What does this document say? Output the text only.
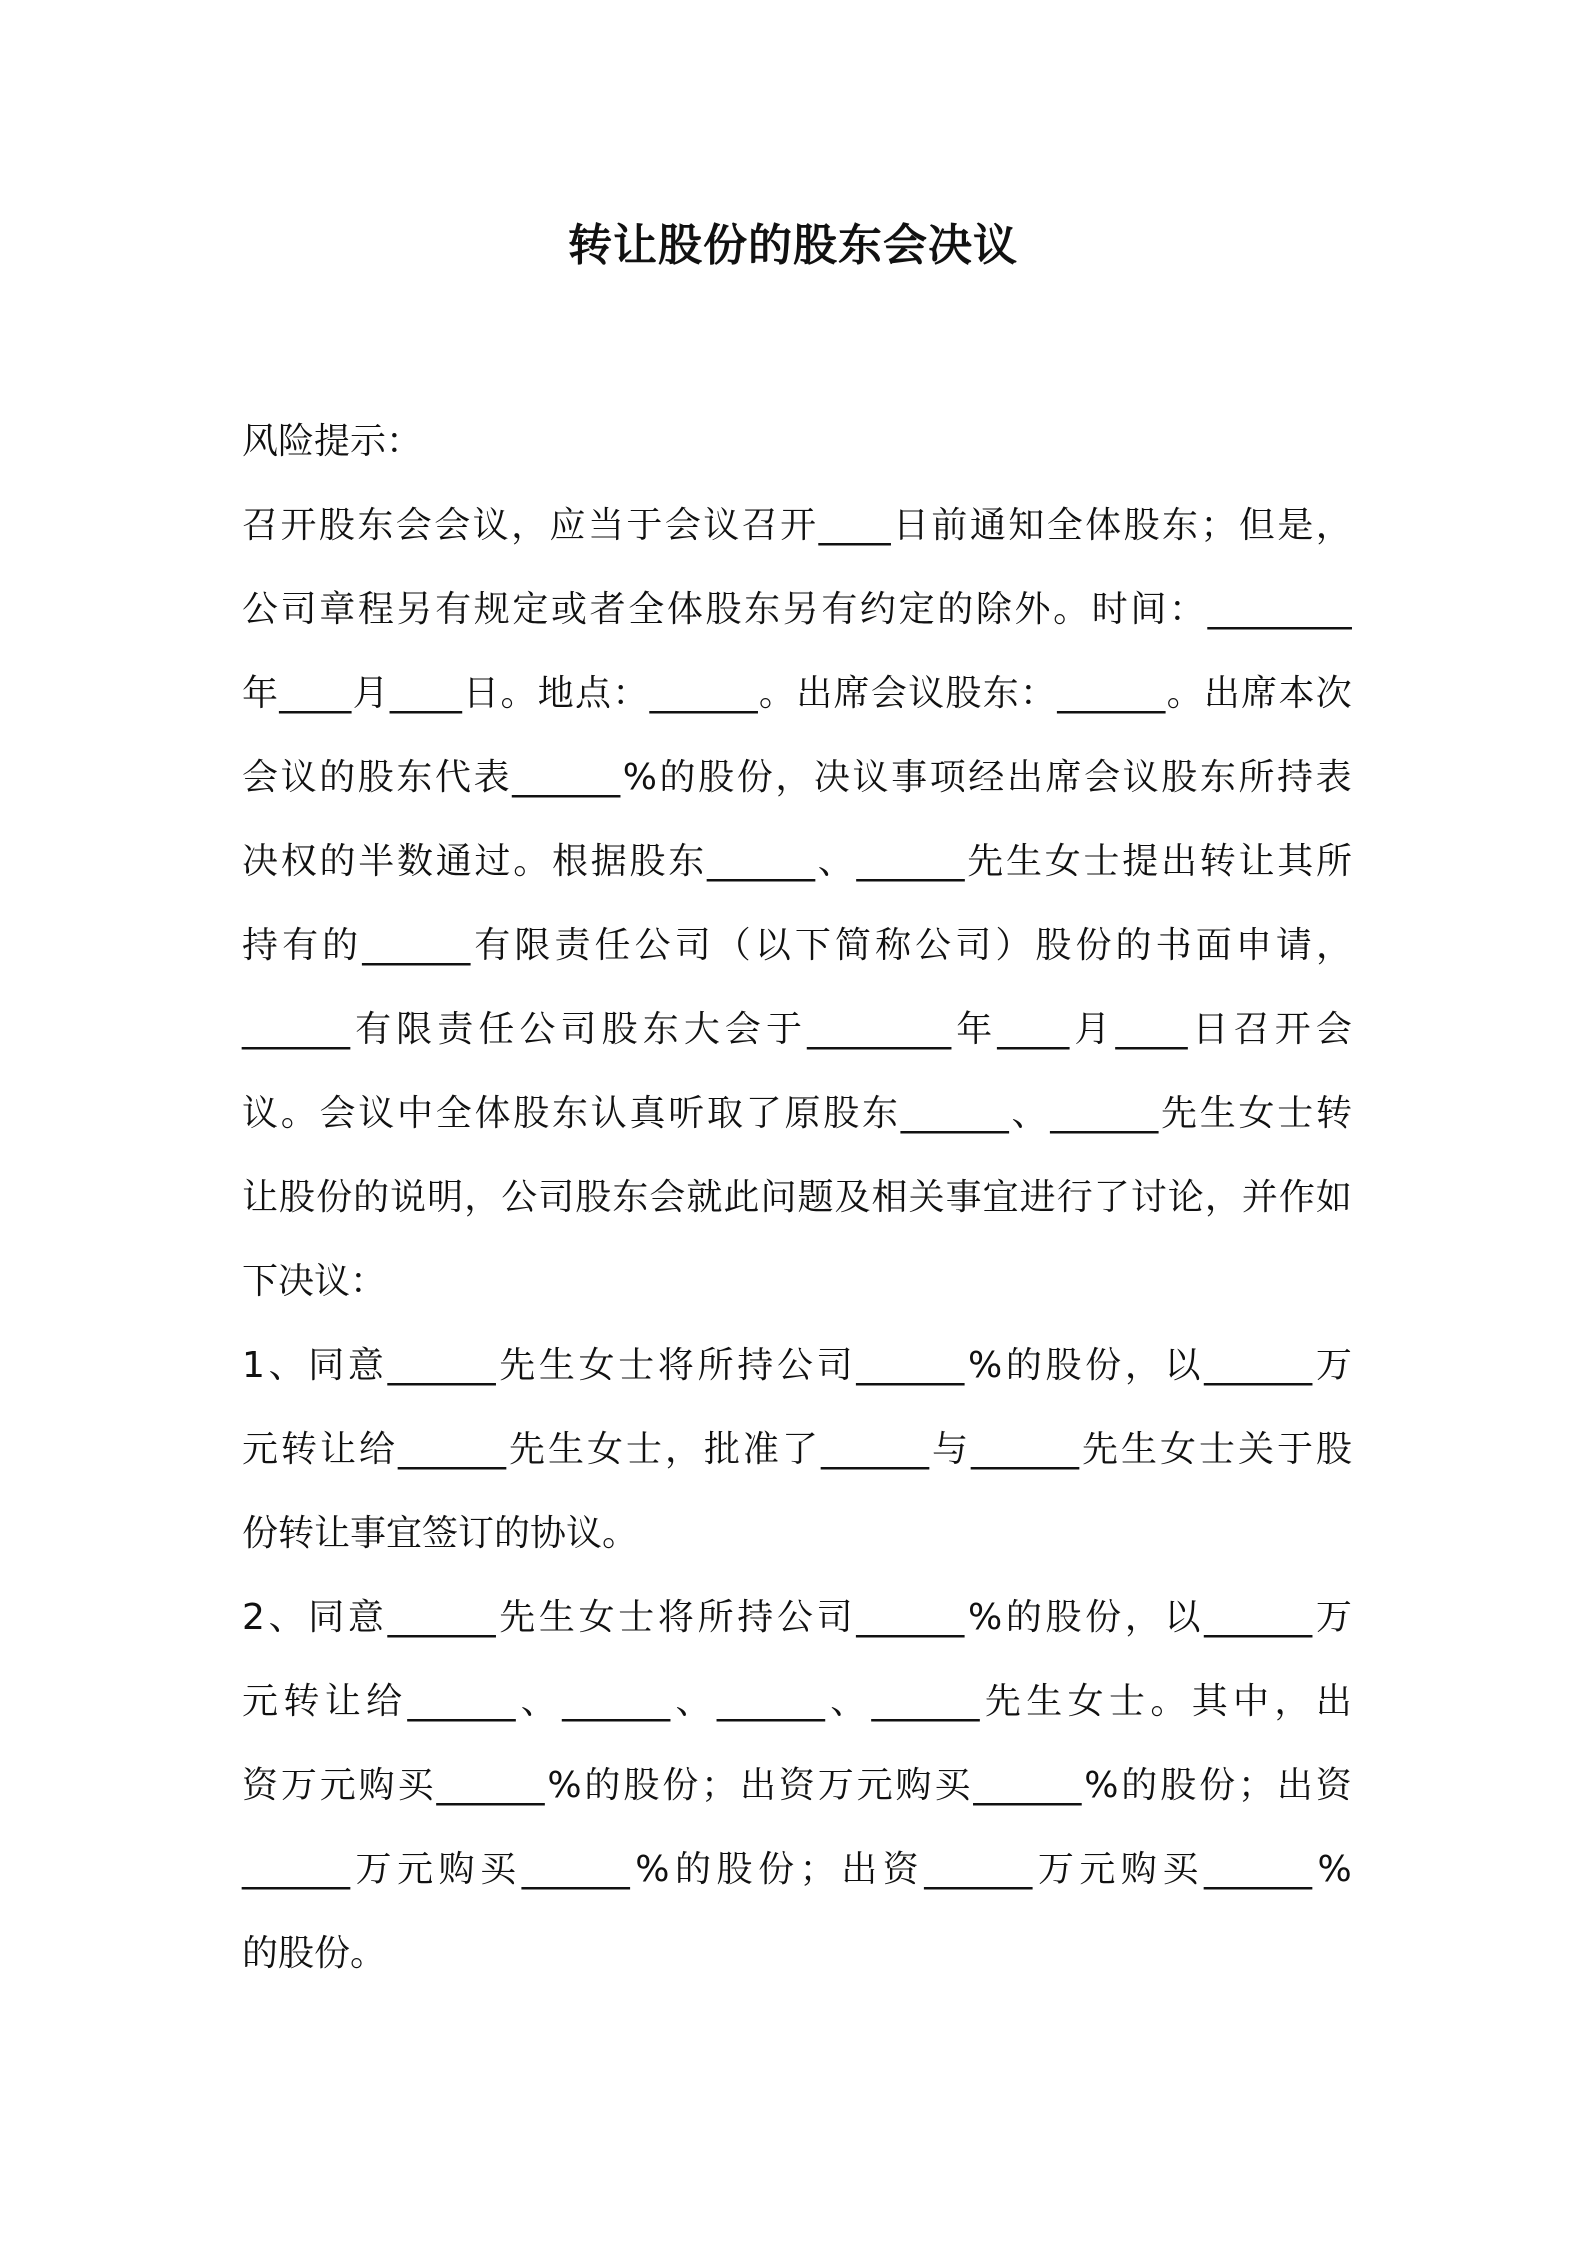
转让股份的股东会决议
风险提示：
召 开 股 东 会 会 议 ， 应 当 于 会 议 召 开 ____ 日 前 通 知 全 体 股 东 ； 但 是 ，
公 司 章 程 另 有 规 定 或 者 全 体 股 东 另 有 约 定 的 除 外 。 时 间 ： ________
年 ____ 月 ____ 日 。 地 点 ： ______ 。 出 席 会 议 股 东 ： ______ 。 出 席 本 次
会 议 的 股 东 代 表 ______ % 的 股 份 ， 决 议 事 项 经 出 席 会 议 股 东 所 持 表
决 权 的 半 数 通 过 。 根 据 股 东 ______ 、 ______ 先 生 女 士 提 出 转 让 其 所
持 有 的 ______ 有 限 责 任 公 司 （ 以 下 简 称 公 司 ） 股 份 的 书 面 申 请 ，
______ 有 限 责 任 公 司 股 东 大 会 于 ________ 年 ____ 月 ____ 日 召 开 会
议 。 会 议 中 全 体 股 东 认 真 听 取 了 原 股 东 ______ 、 ______ 先 生 女 士 转
让 股 份 的 说 明 ， 公 司 股 东 会 就 此 问 题 及 相 关 事 宜 进 行 了 讨 论 ， 并 作 如
下决议：
1 、 同 意 ______ 先 生 女 士 将 所 持 公 司 ______ % 的 股 份 ， 以 ______ 万
元 转 让 给 ______ 先 生 女 士 ， 批 准 了 ______ 与 ______ 先 生 女 士 关 于 股
份转让事宜签订的协议。
2 、 同 意 ______ 先 生 女 士 将 所 持 公 司 ______ % 的 股 份 ， 以 ______ 万
元 转 让 给 ______ 、 ______ 、 ______ 、 ______ 先 生 女 士 。 其 中 ， 出
资 万 元 购 买 ______ % 的 股 份 ； 出 资 万 元 购 买 ______ % 的 股 份 ； 出 资
______ 万 元 购 买 ______ % 的 股 份 ； 出 资 ______ 万 元 购 买 ______ %
的股份。
